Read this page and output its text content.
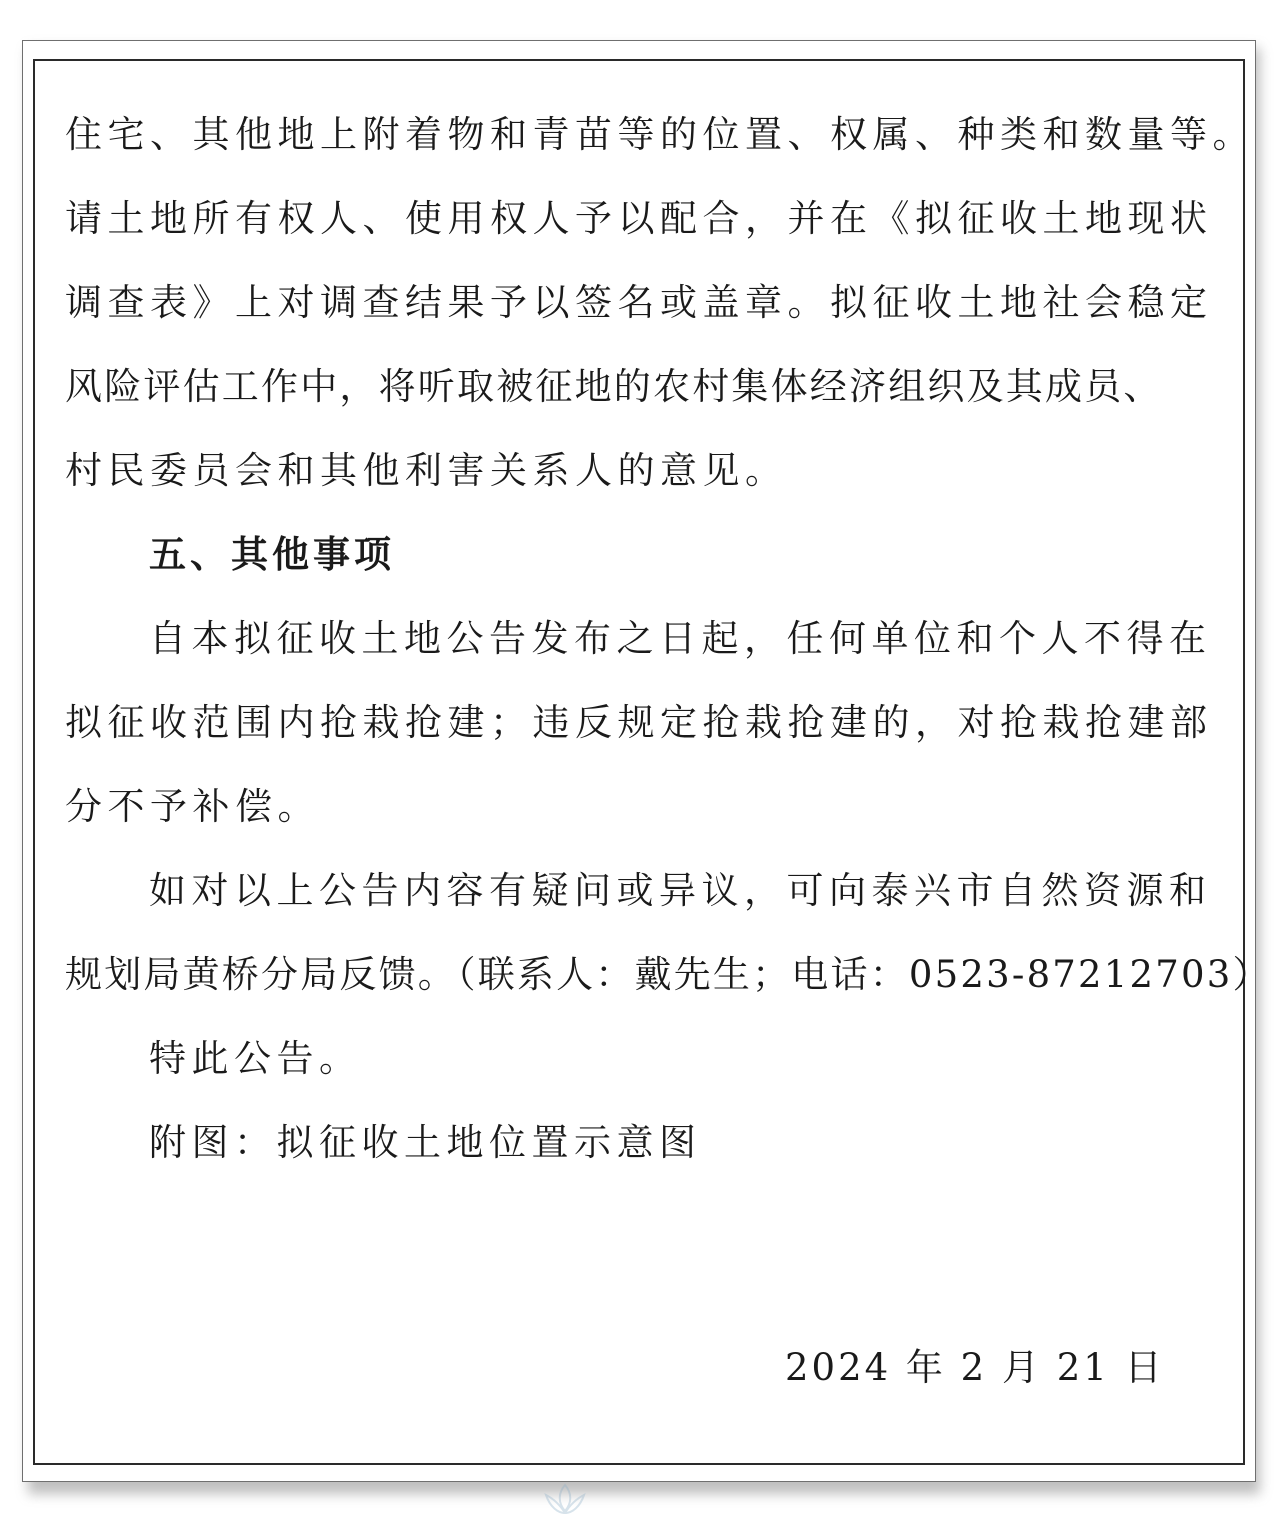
住宅、其他地上附着物和青苗等的位置、权属、种类和数量等。
请土地所有权人、使用权人予以配合，并在《拟征收土地现状
调查表》上对调查结果予以签名或盖章。拟征收土地社会稳定
风险评估工作中，将听取被征地的农村集体经济组织及其成员、
村民委员会和其他利害关系人的意见。
五、其他事项
自本拟征收土地公告发布之日起，任何单位和个人不得在
拟征收范围内抢栽抢建；违反规定抢栽抢建的，对抢栽抢建部
分不予补偿。
如对以上公告内容有疑问或异议，可向泰兴市自然资源和
规划局黄桥分局反馈。（联系人：戴先生；电话：0523-87212703）
特此公告。
附图：拟征收土地位置示意图
2024 年 2 月 21 日
